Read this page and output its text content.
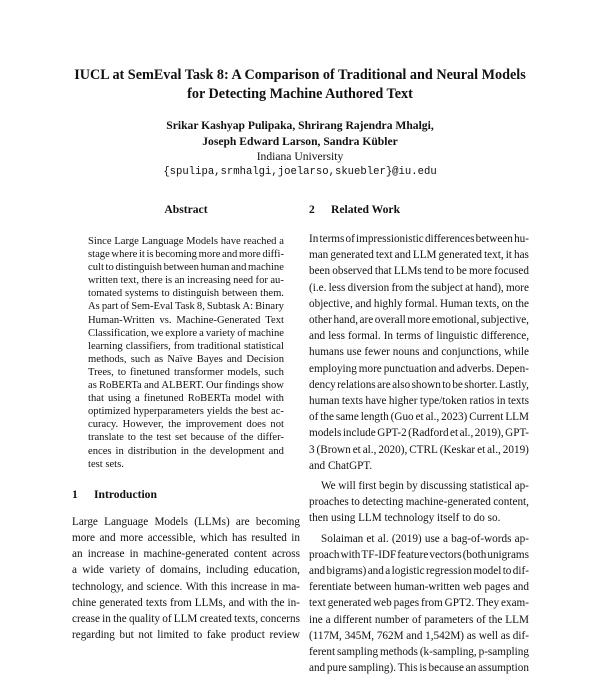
IUCL at SemEval Task 8: A Comparison of Traditional and Neural Models
for Detecting Machine Authored Text
Srikar Kashyap Pulipaka, Shrirang Rajendra Mhalgi,
Joseph Edward Larson, Sandra Kübler
Indiana University
{spulipa,srmhalgi,joelarso,skuebler}@iu.edu
Abstract
Since Large Language Models have reached a
stage where it is becoming more and more diffi-
cult to distinguish between human and machine
written text, there is an increasing need for au-
tomated systems to distinguish between them.
As part of Sem-Eval Task 8, Subtask A: Binary
Human-Written vs. Machine-Generated Text
Classification, we explore a variety of machine
learning classifiers, from traditional statistical
methods, such as Naïve Bayes and Decision
Trees, to finetuned transformer models, such
as RoBERTa and ALBERT. Our findings show
that using a finetuned RoBERTa model with
optimized hyperparameters yields the best ac-
curacy. However, the improvement does not
translate to the test set because of the differ-
ences in distribution in the development and
test sets.
1	Introduction
Large Language Models (LLMs) are becoming
more and more accessible, which has resulted in
an increase in machine-generated content across
a wide variety of domains, including education,
technology, and science. With this increase in ma-
chine generated texts from LLMs, and with the in-
crease in the quality of LLM created texts, concerns
regarding but not limited to fake product review
2	Related Work
In terms of impressionistic differences between hu-
man generated text and LLM generated text, it has
been observed that LLMs tend to be more focused
(i.e. less diversion from the subject at hand), more
objective, and highly formal. Human texts, on the
other hand, are overall more emotional, subjective,
and less formal. In terms of linguistic difference,
humans use fewer nouns and conjunctions, while
employing more punctuation and adverbs. Depen-
dency relations are also shown to be shorter. Lastly,
human texts have higher type/token ratios in texts
of the same length (Guo et al., 2023) Current LLM
models include GPT-2 (Radford et al., 2019), GPT-
3 (Brown et al., 2020), CTRL (Keskar et al., 2019)
and ChatGPT.
We will first begin by discussing statistical ap-
proaches to detecting machine-generated content,
then using LLM technology itself to do so.
Solaiman et al. (2019) use a bag-of-words ap-
proach with TF-IDF feature vectors (both unigrams
and bigrams) and a logistic regression model to dif-
ferentiate between human-written web pages and
text generated web pages from GPT2. They exam-
ine a different number of parameters of the LLM
(117M, 345M, 762M and 1,542M) as well as dif-
ferent sampling methods (k-sampling, p-sampling
and pure sampling). This is because an assumption
